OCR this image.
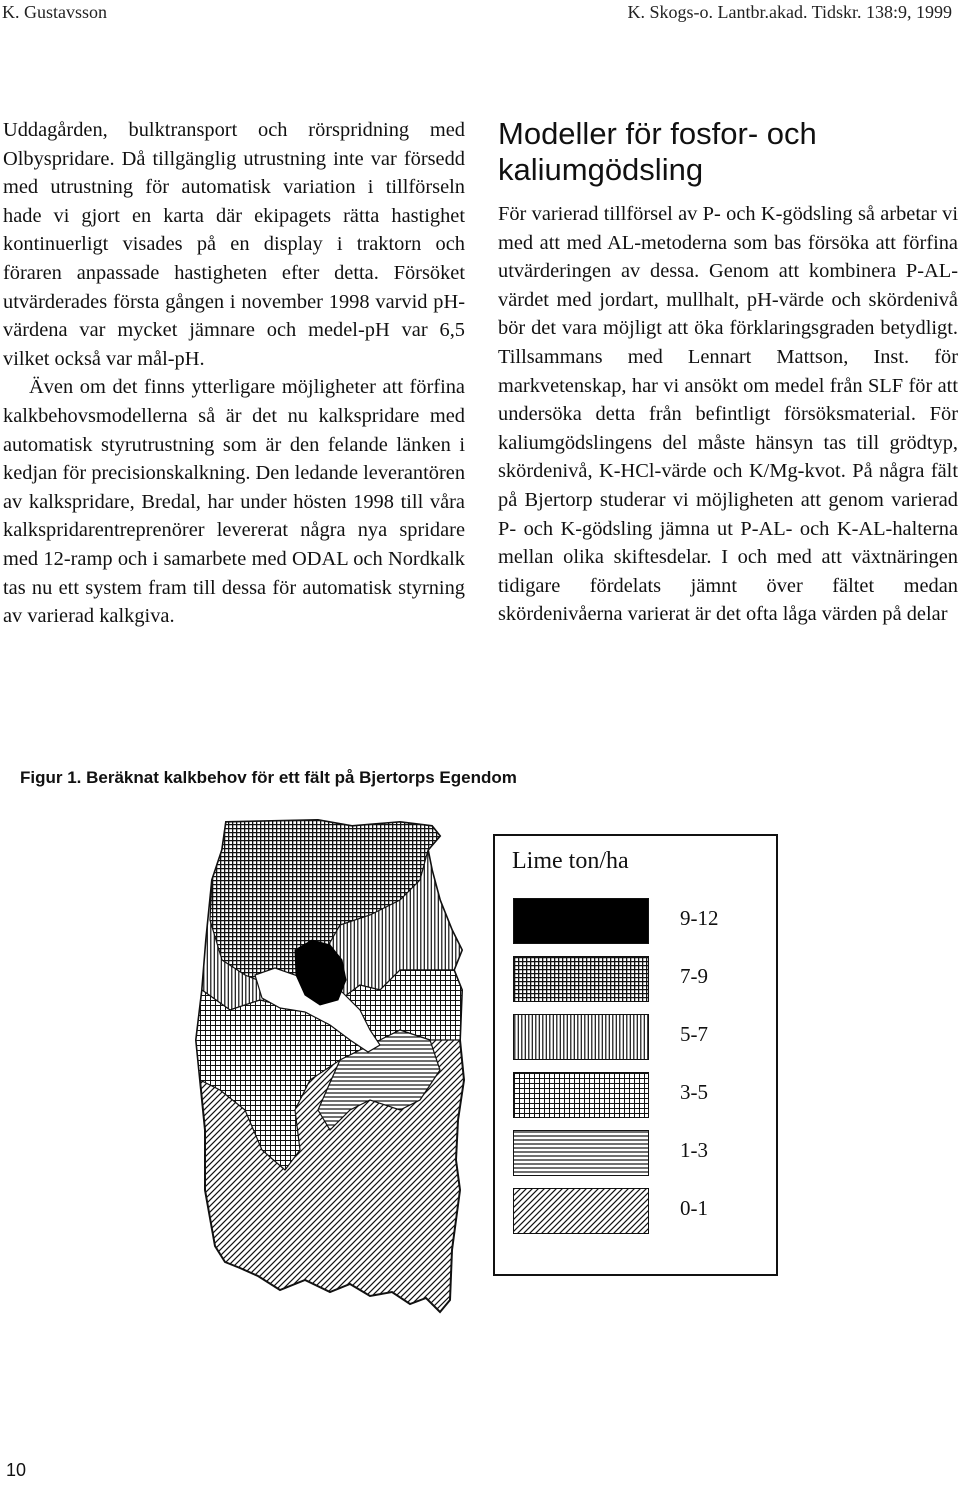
K. Gustavsson	K. Skogs-o. Lantbr.akad. Tidskr. 138:9, 1999

Uddagården, bulktransport och rörspridning med Olbyspridare. Då tillgänglig utrustning inte var försedd med utrustning för automatisk variation i tillförseln hade vi gjort en karta där ekipagets rätta hastighet kontinuerligt visades på en display i traktorn och föraren anpassade hastigheten efter detta. Försöket utvärderades första gången i november 1998 varvid pH-värdena var mycket jämnare och medel-pH var 6,5 vilket också var mål-pH.

Även om det finns ytterligare möjligheter att förfina kalkbehovsmodellerna så är det nu kalkspridare med automatisk styrutrustning som är den felande länken i kedjan för precisionskalkning. Den ledande leverantören av kalkspridare, Bredal, har under hösten 1998 till våra kalkspridarentreprenörer levererat några nya spridare med 12-ramp och i samarbete med ODAL och Nordkalk tas nu ett system fram till dessa för automatisk styrning av varierad kalkgiva.

Modeller för fosfor- och kaliumgödsling

För varierad tillförsel av P- och K-gödsling så arbetar vi med att med AL-metoderna som bas försöka att förfina utvärderingen av dessa. Genom att kombinera P-AL-värdet med jordart, mullhalt, pH-värde och skördenivå bör det vara möjligt att öka förklaringsgraden betydligt. Tillsammans med Lennart Mattson, Inst. för markvetenskap, har vi ansökt om medel från SLF för att undersöka detta från befintligt försöksmaterial. För kaliumgödslingens del måste hänsyn tas till grödtyp, skördenivå, K-HCl-värde och K/Mg-kvot. På några fält på Bjertorp studerar vi möjligheten att genom varierad P- och K-gödsling jämna ut P-AL- och K-AL-halterna mellan olika skiftesdelar. I och med att växtnäringen tidigare fördelats jämnt över fältet medan skördenivåerna varierat är det ofta låga värden på delar

Figur 1. Beräknat kalkbehov för ett fält på Bjertorps Egendom
Lime ton/ha
9-12
7-9
5-7
3-5
1-3
0-1
10
